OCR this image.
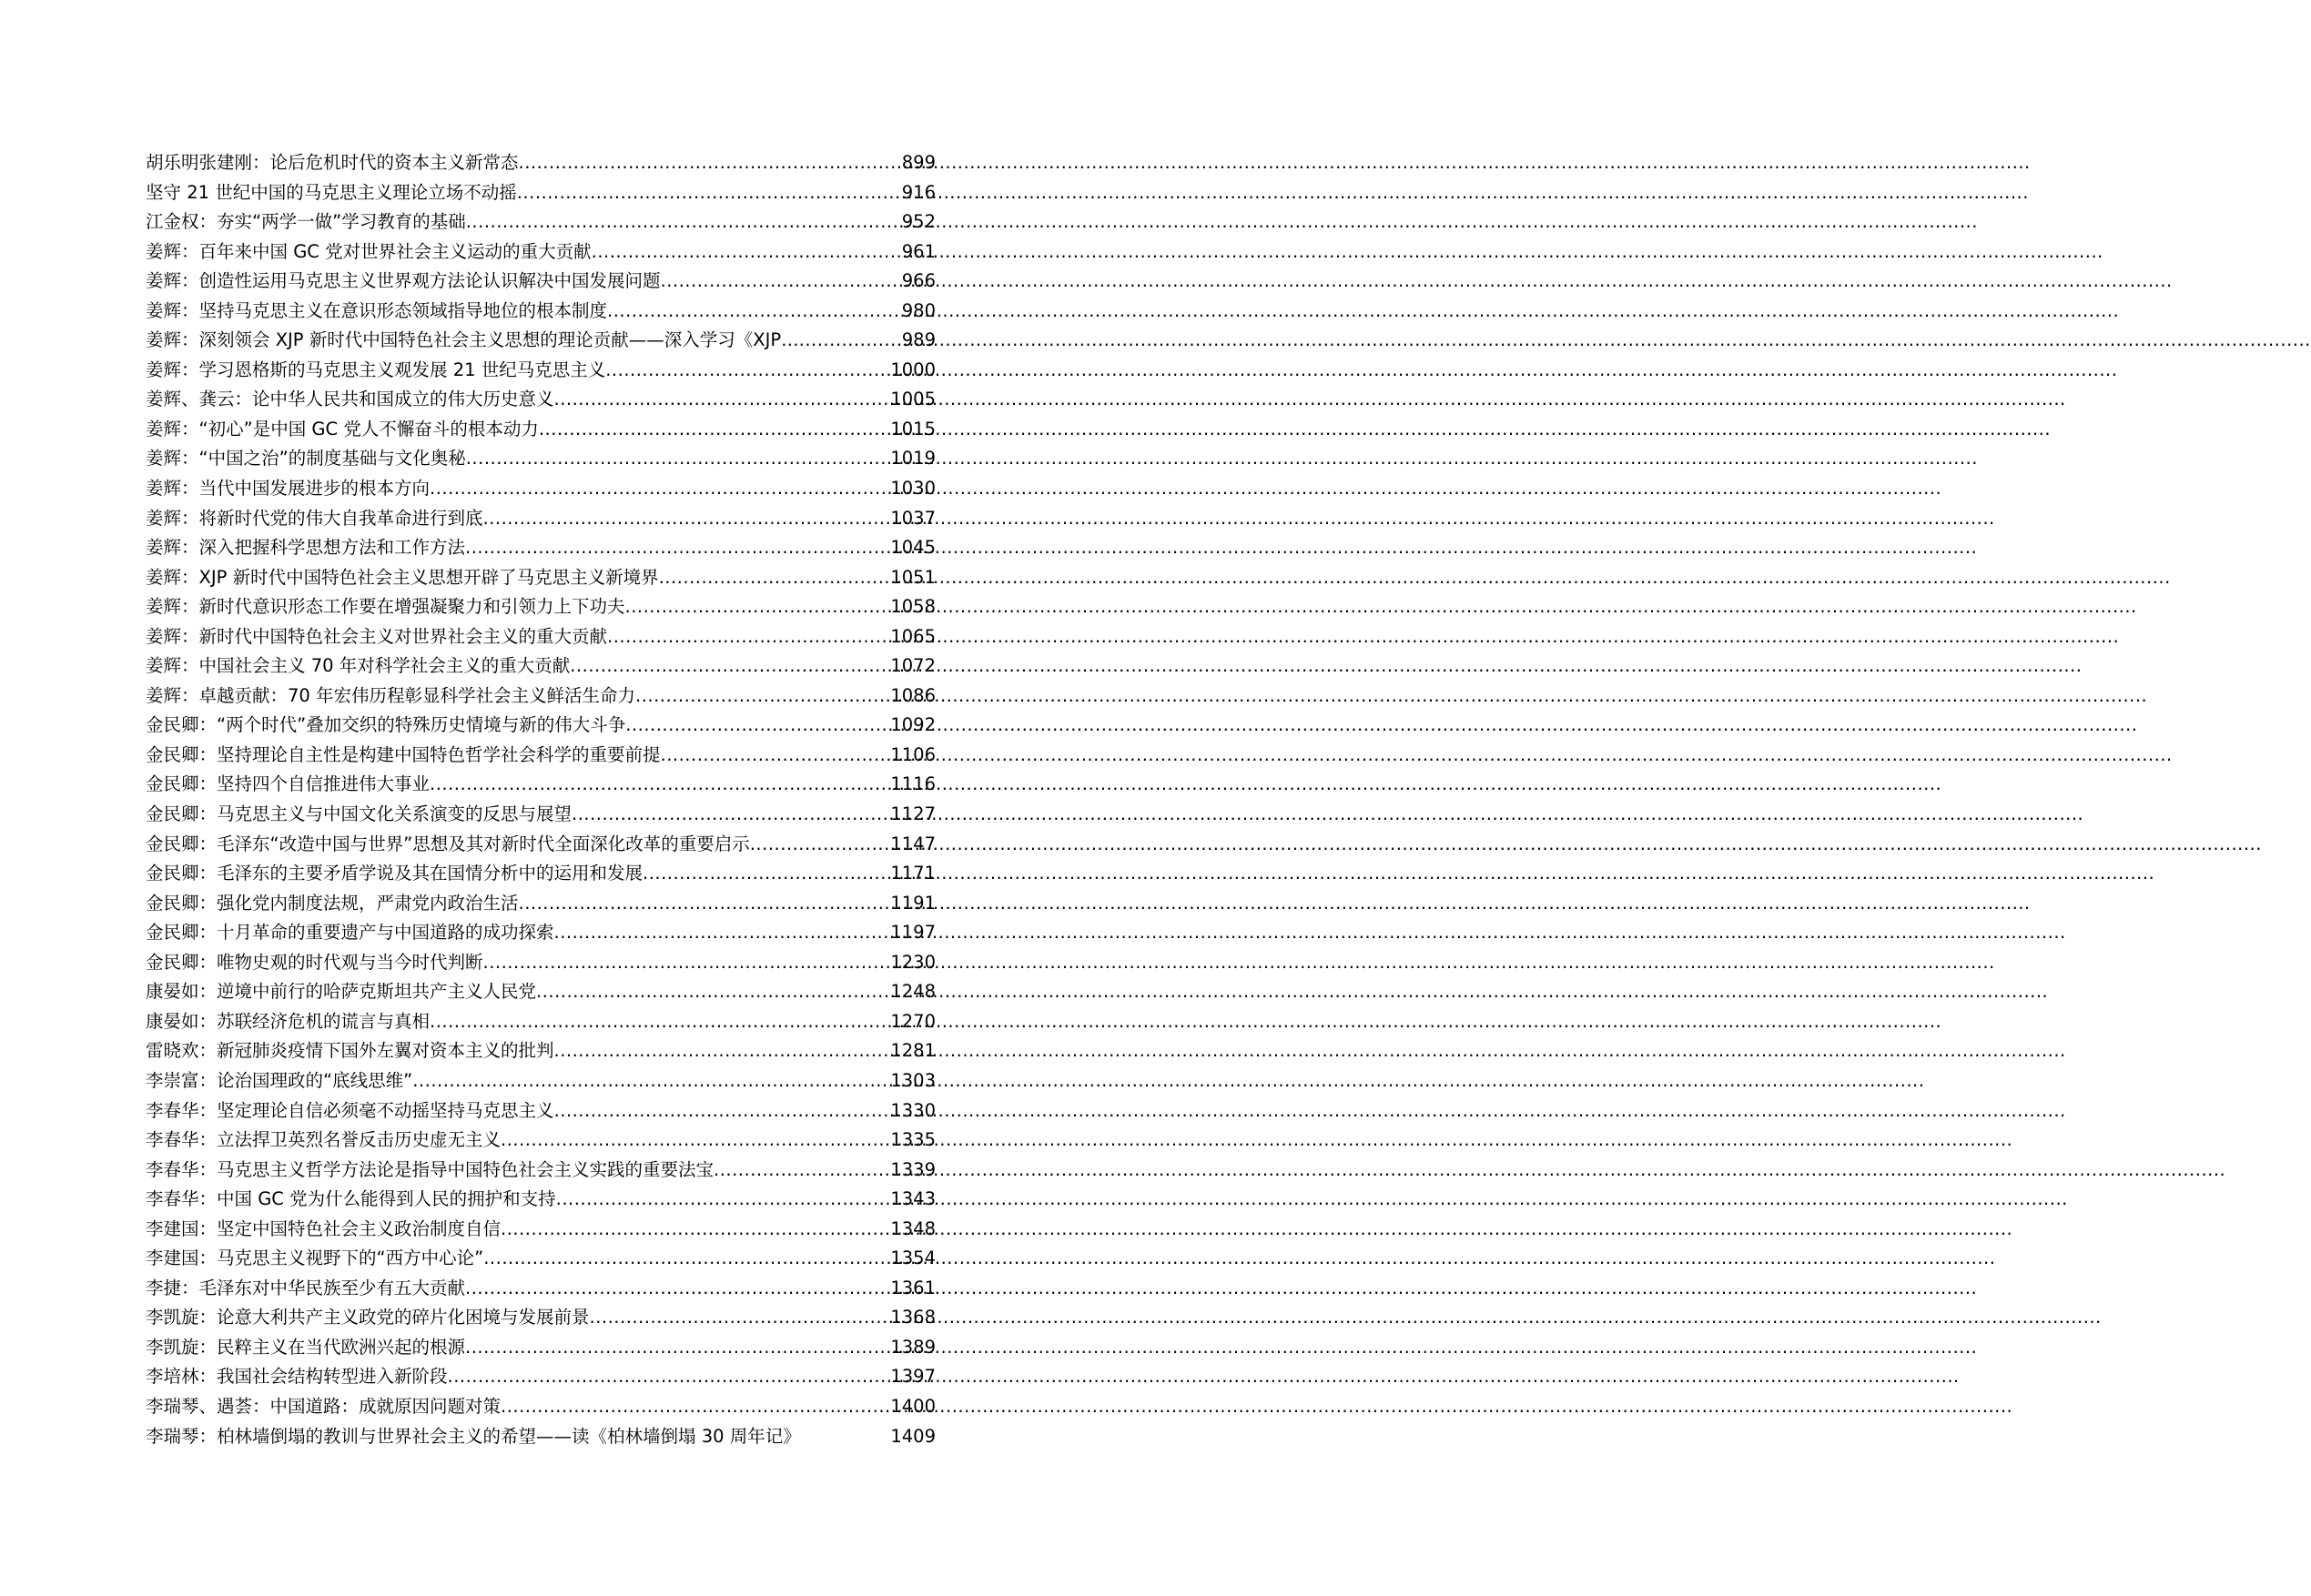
胡乐明张建刚：论后危机时代的资本主义新常态 .....	899
坚守 21 世纪中国的马克思主义理论立场不动摇 .....	916
江金权：夯实“两学一做”学习教育的基础 .....	952
姜辉：百年来中国 GC 党对世界社会主义运动的重大贡献 .....	961
姜辉：创造性运用马克思主义世界观方法论认识解决中国发展问题 .....	966
姜辉：坚持马克思主义在意识形态领域指导地位的根本制度 .....	980
姜辉：深刻领会 XJP 新时代中国特色社会主义思想的理论贡献——深入学习《XJP… .....	989
姜辉：学习恩格斯的马克思主义观发展 21 世纪马克思主义 .....	1000
姜辉、龚云：论中华人民共和国成立的伟大历史意义 .....	1005
姜辉：“初心”是中国 GC 党人不懈奋斗的根本动力 .....	1015
姜辉：“中国之治”的制度基础与文化奥秘 .....	1019
姜辉：当代中国发展进步的根本方向 .....	1030
姜辉：将新时代党的伟大自我革命进行到底 .....	1037
姜辉：深入把握科学思想方法和工作方法 .....	1045
姜辉：XJP 新时代中国特色社会主义思想开辟了马克思主义新境界 .....	1051
姜辉：新时代意识形态工作要在增强凝聚力和引领力上下功夫 .....	1058
姜辉：新时代中国特色社会主义对世界社会主义的重大贡献 .....	1065
姜辉：中国社会主义 70 年对科学社会主义的重大贡献 .....	1072
姜辉：卓越贡献：70 年宏伟历程彰显科学社会主义鲜活生命力 .....	1086
金民卿：“两个时代”叠加交织的特殊历史情境与新的伟大斗争 .....	1092
金民卿：坚持理论自主性是构建中国特色哲学社会科学的重要前提 .....	1106
金民卿：坚持四个自信推进伟大事业 .....	1116
金民卿：马克思主义与中国文化关系演变的反思与展望 .....	1127
金民卿：毛泽东“改造中国与世界”思想及其对新时代全面深化改革的重要启示 .....	1147
金民卿：毛泽东的主要矛盾学说及其在国情分析中的运用和发展 .....	1171
金民卿：强化党内制度法规，严肃党内政治生活 .....	1191
金民卿：十月革命的重要遗产与中国道路的成功探索 .....	1197
金民卿：唯物史观的时代观与当今时代判断 .....	1230
康晏如：逆境中前行的哈萨克斯坦共产主义人民党 .....	1248
康晏如：苏联经济危机的谎言与真相 .....	1270
雷晓欢：新冠肺炎疫情下国外左翼对资本主义的批判 .....	1281
李崇富：论治国理政的“底线思维” .....	1303
李春华：坚定理论自信必须毫不动摇坚持马克思主义 .....	1330
李春华：立法捍卫英烈名誉反击历史虚无主义 .....	1335
李春华：马克思主义哲学方法论是指导中国特色社会主义实践的重要法宝 .....	1339
李春华：中国 GC 党为什么能得到人民的拥护和支持 .....	1343
李建国：坚定中国特色社会主义政治制度自信 .....	1348
李建国：马克思主义视野下的“西方中心论” .....	1354
李捷：毛泽东对中华民族至少有五大贡献 .....	1361
李凯旋：论意大利共产主义政党的碎片化困境与发展前景 .....	1368
李凯旋：民粹主义在当代欧洲兴起的根源 .....	1389
李培林：我国社会结构转型进入新阶段 .....	1397
李瑞琴、遇荟：中国道路：成就原因问题对策 .....	1400
李瑞琴：柏林墙倒塌的教训与世界社会主义的希望——读《柏林墙倒塌 30 周年记》	1409
